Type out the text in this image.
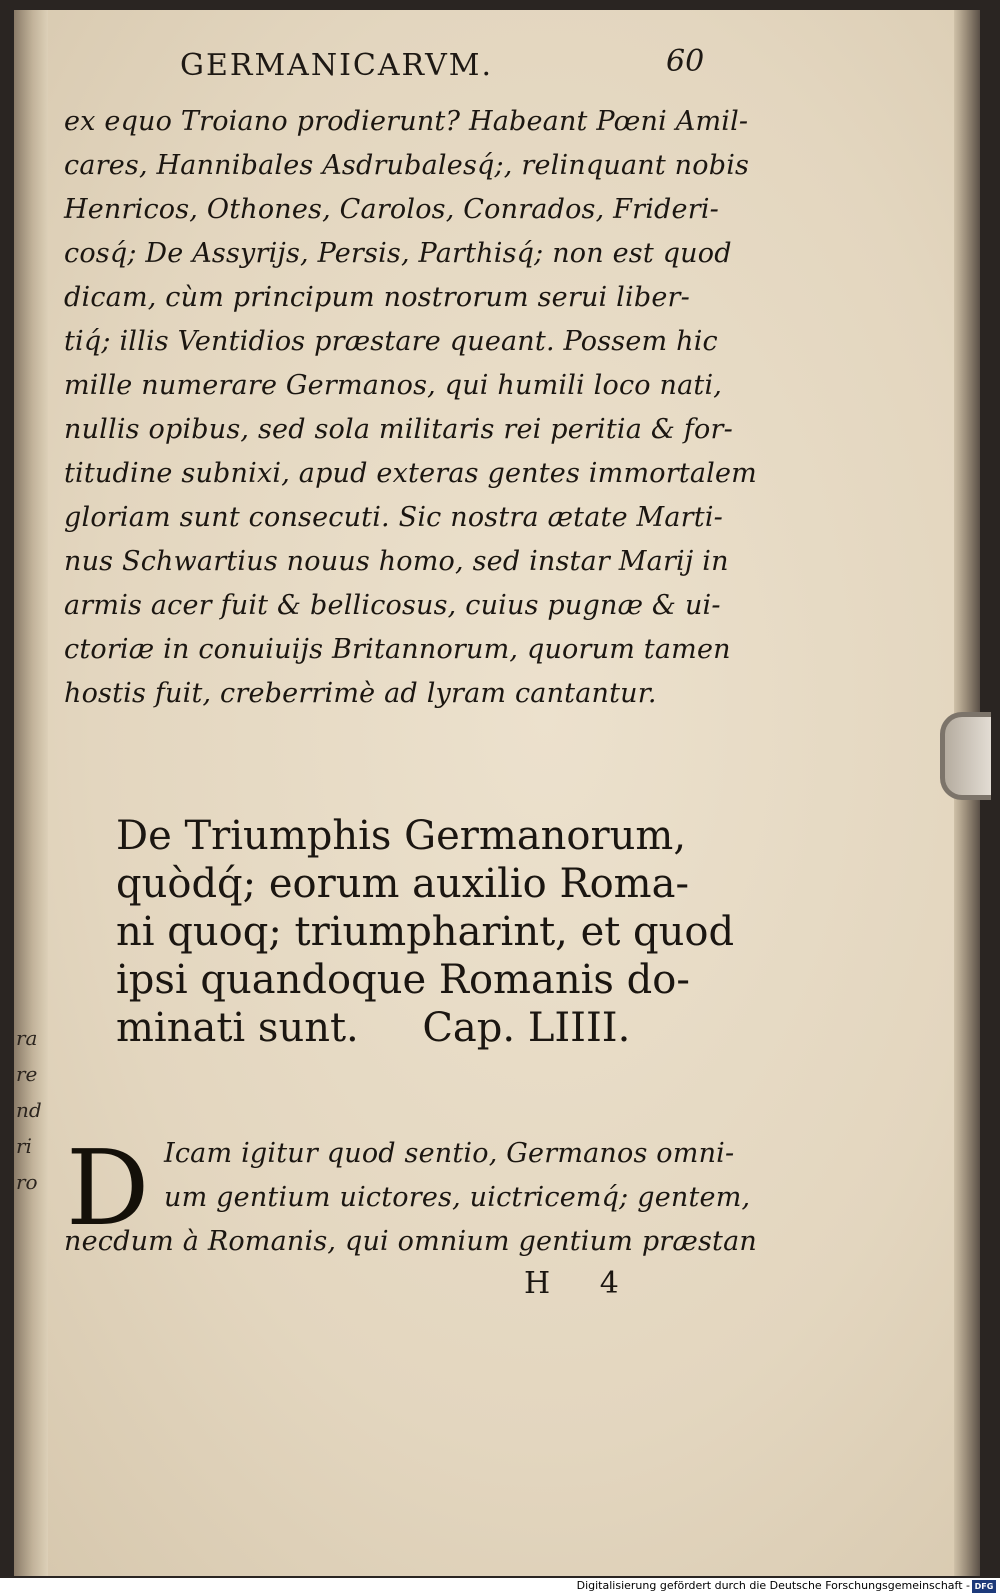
ra
re
nd
ri
ro
GERMANICARVM.	60
ex equo Troiano prodierunt? Habeant Pœni Amil-
cares, Hannibales Asdrubalesq́;, relinquant nobis
Henricos, Othones, Carolos, Conrados, Frideri-
cosq́; De Assyrijs, Persis, Parthisq́; non est quod
dicam, cùm principum nostrorum serui liber-
tiq́; illis Ventidios præstare queant. Possem hic
mille numerare Germanos, qui humili loco nati,
nullis opibus, sed sola militaris rei peritia & for-
titudine subnixi, apud exteras gentes immortalem
gloriam sunt consecuti. Sic nostra ætate Marti-
nus Schwartius nouus homo, sed instar Marij in
armis acer fuit & bellicosus, cuius pugnæ & ui-
ctoriæ in conuiuijs Britannorum, quorum tamen
hostis fuit, creberrimè ad lyram cantantur.
De Triumphis Germanorum,
quòdq́; eorum auxilio Roma-
ni quoq; triumpharint, et quod
ipsi quandoque Romanis do-
minati sunt.     Cap. LIIII.
D Icam igitur quod sentio, Germanos omni-
um gentium uictores, uictricemq́; gentem,
necdum à Romanis, qui omnium gentium præstan
H 4
Digitalisierung gefördert durch die Deutsche Forschungsgemeinschaft - DFG
